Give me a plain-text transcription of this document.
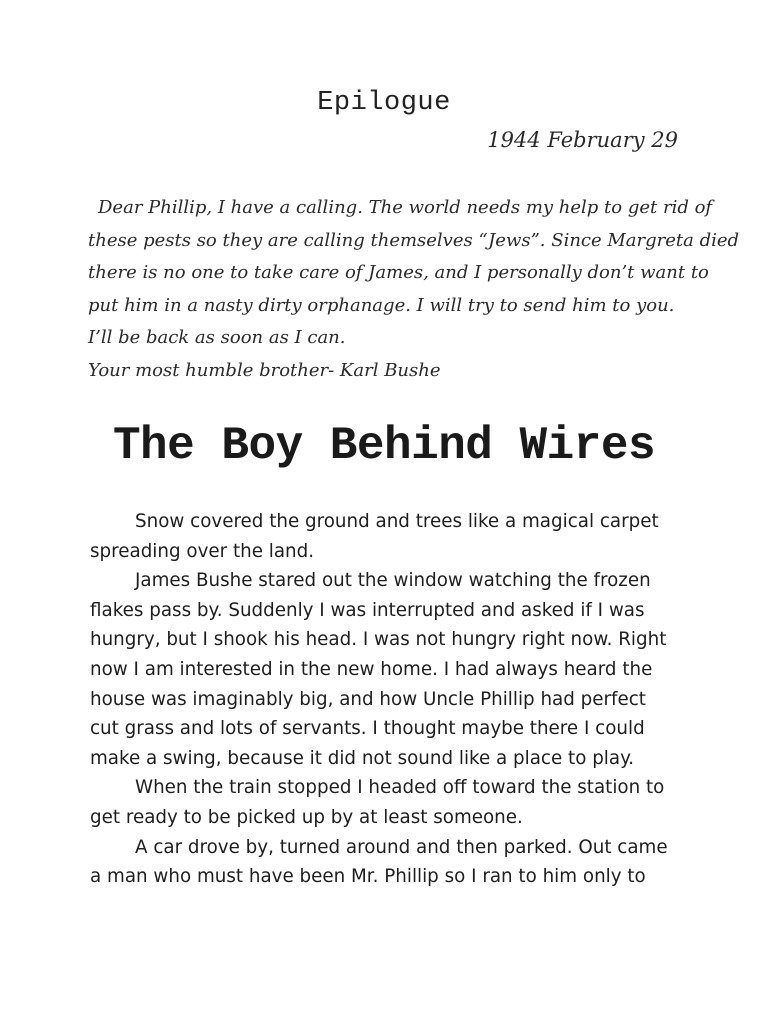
Epilogue
1944 February 29
Dear Phillip, I have a calling. The world needs my help to get rid of
these pests so they are calling themselves “Jews”. Since Margreta died
there is no one to take care of James, and I personally don’t want to
put him in a nasty dirty orphanage. I will try to send him to you.
I’ll be back as soon as I can.
Your most humble brother- Karl Bushe
The Boy Behind Wires
Snow covered the ground and trees like a magical carpet
spreading over the land.
James Bushe stared out the window watching the frozen
flakes pass by. Suddenly I was interrupted and asked if I was
hungry, but I shook his head. I was not hungry right now. Right
now I am interested in the new home. I had always heard the
house was imaginably big, and how Uncle Phillip had perfect
cut grass and lots of servants. I thought maybe there I could
make a swing, because it did not sound like a place to play.
When the train stopped I headed off toward the station to
get ready to be picked up by at least someone.
A car drove by, turned around and then parked. Out came
a man who must have been Mr. Phillip so I ran to him only to
